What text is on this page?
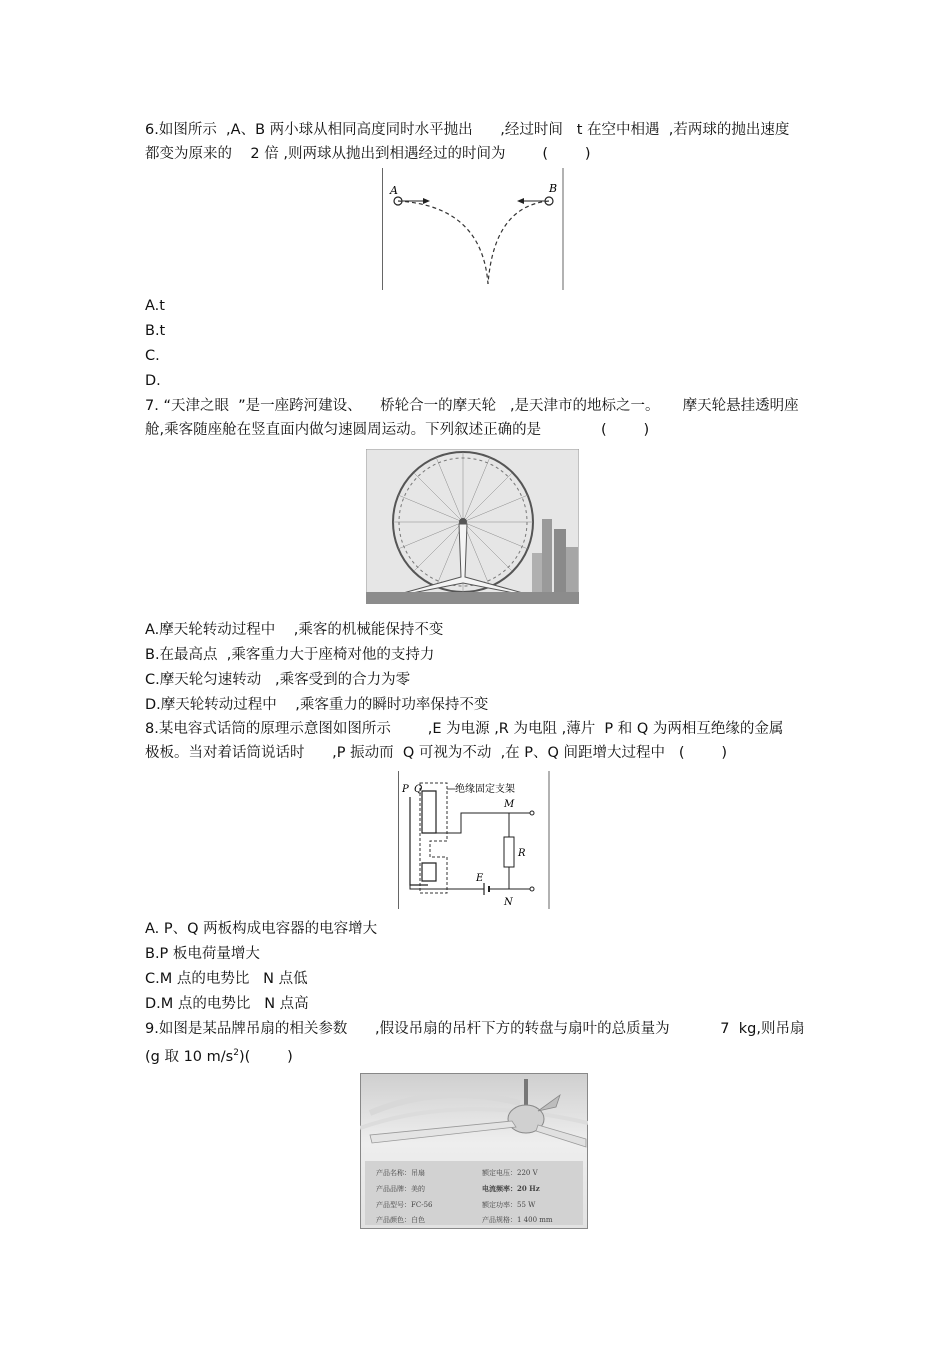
6.如图所示  ,A、B 两小球从相同高度同时水平抛出      ,经过时间   t 在空中相遇  ,若两球的抛出速度
都变为原来的    2 倍 ,则两球从抛出到相遇经过的时间为        (        )
A	B
A.t
B.t
C.
D.
7. “天津之眼  ”是一座跨河建设、    桥轮合一的摩天轮   ,是天津市的地标之一。     摩天轮悬挂透明座
舱,乘客随座舱在竖直面内做匀速圆周运动。下列叙述正确的是             (        )
A.摩天轮转动过程中    ,乘客的机械能保持不变
B.在最高点  ,乘客重力大于座椅对他的支持力
C.摩天轮匀速转动   ,乘客受到的合力为零
D.摩天轮转动过程中    ,乘客重力的瞬时功率保持不变
8.某电容式话筒的原理示意图如图所示        ,E 为电源 ,R 为电阻 ,薄片  P 和 Q 为两相互绝缘的金属
极板。当对着话筒说话时      ,P 振动而  Q 可视为不动  ,在 P、Q 间距增大过程中   (        )
P Q	绝缘固定支架
M
R
E
N
A. P、Q 两板构成电容器的电容增大
B.P 板电荷量增大
C.M 点的电势比   N 点低
D.M 点的电势比   N 点高
9.如图是某品牌吊扇的相关参数      ,假设吊扇的吊杆下方的转盘与扇叶的总质量为           7  kg,则吊扇
(g 取 10 $m/s^2$)(        )
产品名称：吊扇	额定电压：220 V
产品品牌：美的	电流频率：20 Hz
产品型号：FC-56	额定功率：55 W
产品颜色：白色	产品规格：1 400 mm
